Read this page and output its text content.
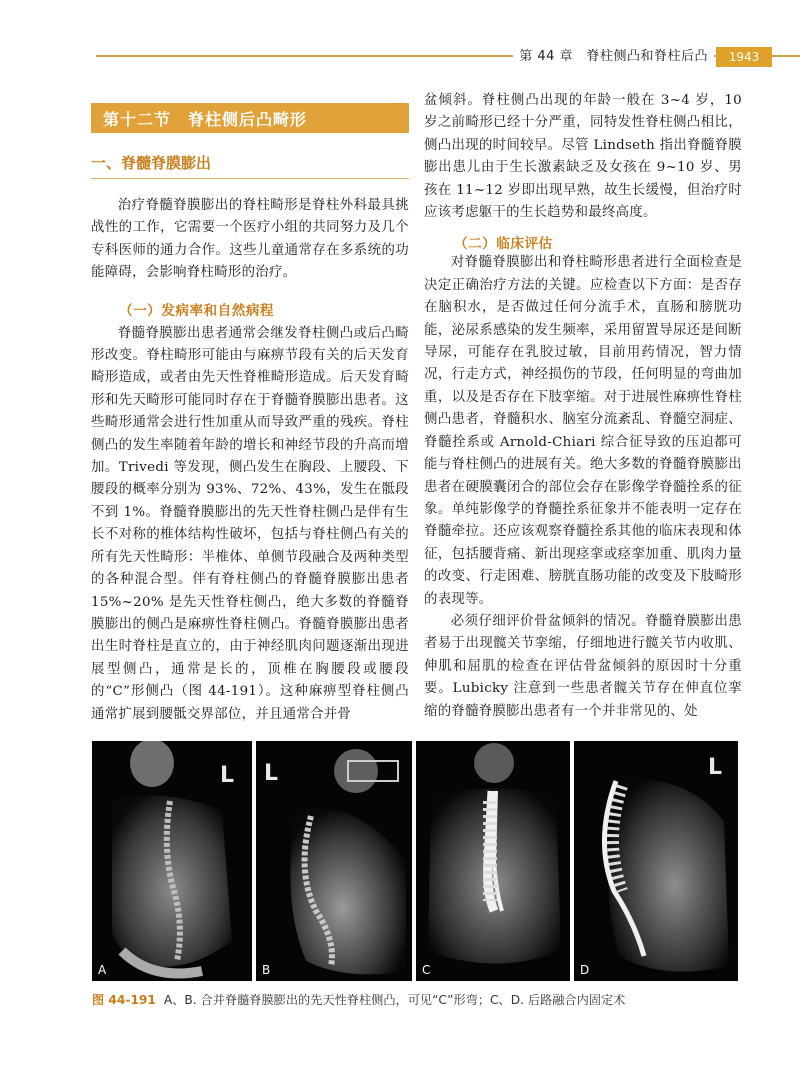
第 44 章　脊柱侧凸和脊柱后凸	1943
第十二节　脊柱侧后凸畸形
一、脊髓脊膜膨出

治疗脊髓脊膜膨出的脊柱畸形是脊柱外科最具挑战性的工作，它需要一个医疗小组的共同努力及几个专科医师的通力合作。这些儿童通常存在多系统的功能障碍，会影响脊柱畸形的治疗。

（一）发病率和自然病程

脊髓脊膜膨出患者通常会继发脊柱侧凸或后凸畸形改变。脊柱畸形可能由与麻痹节段有关的后天发育畸形造成，或者由先天性脊椎畸形造成。后天发育畸形和先天畸形可能同时存在于脊髓脊膜膨出患者。这些畸形通常会进行性加重从而导致严重的残疾。脊柱侧凸的发生率随着年龄的增长和神经节段的升高而增加。Trivedi 等发现，侧凸发生在胸段、上腰段、下腰段的概率分别为 93%、72%、43%，发生在骶段不到 1%。脊髓脊膜膨出的先天性脊柱侧凸是伴有生长不对称的椎体结构性破坏，包括与脊柱侧凸有关的所有先天性畸形：半椎体、单侧节段融合及两种类型的各种混合型。伴有脊柱侧凸的脊髓脊膜膨出患者 15%~20% 是先天性脊柱侧凸，绝大多数的脊髓脊膜膨出的侧凸是麻痹性脊柱侧凸。脊髓脊膜膨出患者出生时脊柱是直立的，由于神经肌肉问题逐渐出现进展型侧凸，通常是长的，顶椎在胸腰段或腰段的“C”形侧凸（图 44-191）。这种麻痹型脊柱侧凸通常扩展到腰骶交界部位，并且通常合并骨

盆倾斜。脊柱侧凸出现的年龄一般在 3~4 岁，10 岁之前畸形已经十分严重，同特发性脊柱侧凸相比，侧凸出现的时间较早。尽管 Lindseth 指出脊髓脊膜膨出患儿由于生长激素缺乏及女孩在 9~10 岁、男孩在 11~12 岁即出现早熟，故生长缓慢，但治疗时应该考虑躯干的生长趋势和最终高度。

（二）临床评估

对脊髓脊膜膨出和脊柱畸形患者进行全面检查是决定正确治疗方法的关键。应检查以下方面：是否存在脑积水，是否做过任何分流手术，直肠和膀胱功能，泌尿系感染的发生频率，采用留置导尿还是间断导尿，可能存在乳胶过敏，目前用药情况，智力情况，行走方式，神经损伤的节段，任何明显的弯曲加重，以及是否存在下肢挛缩。对于进展性麻痹性脊柱侧凸患者，脊髓积水、脑室分流紊乱、脊髓空洞症、脊髓拴系或 Arnold-Chiari 综合征导致的压迫都可能与脊柱侧凸的进展有关。绝大多数的脊髓脊膜膨出患者在硬膜囊闭合的部位会存在影像学脊髓拴系的征象。单纯影像学的脊髓拴系征象并不能表明一定存在脊髓牵拉。还应该观察脊髓拴系其他的临床表现和体征，包括腰背痛、新出现痉挛或痉挛加重、肌肉力量的改变、行走困难、膀胱直肠功能的改变及下肢畸形的表现等。

必须仔细评价骨盆倾斜的情况。脊髓脊膜膨出患者易于出现髋关节挛缩，仔细地进行髋关节内收肌、伸肌和屈肌的检查在评估骨盆倾斜的原因时十分重要。Lubicky 注意到一些患者髋关节存在伸直位挛缩的脊髓脊膜膨出患者有一个并非常见的、处

L
A
L
B	C
L
D
图 44-191 A、B. 合并脊髓脊膜膨出的先天性脊柱侧凸，可见“C”形弯；C、D. 后路融合内固定术
